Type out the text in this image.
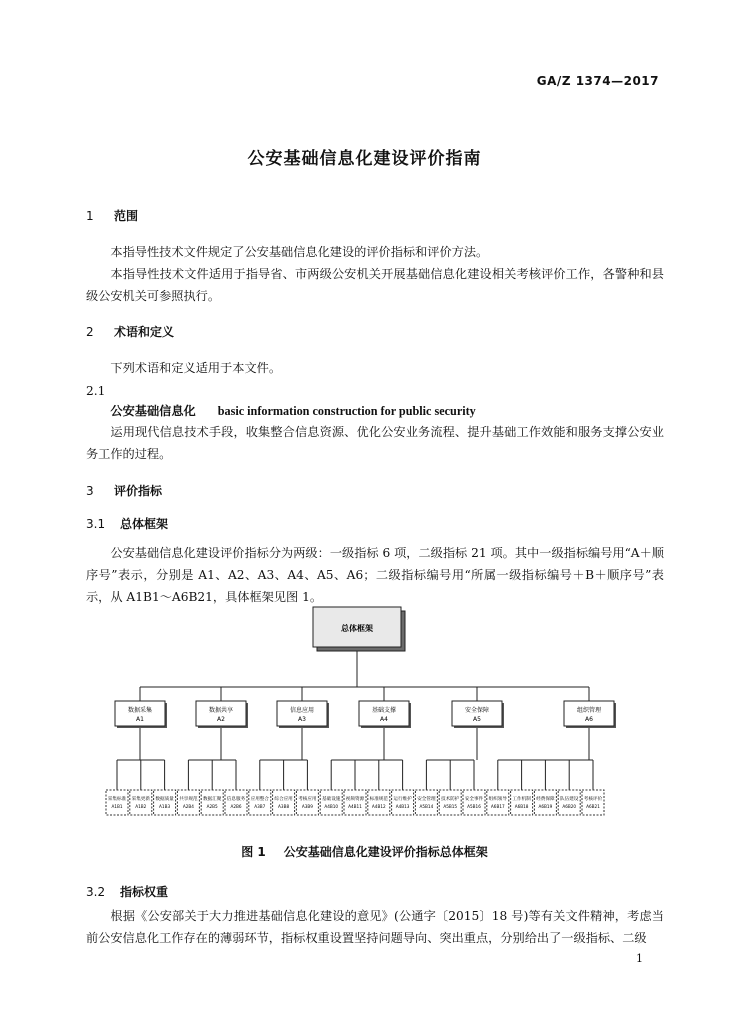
GA/Z 1374—2017
公安基础信息化建设评价指南
1 范围

本指导性技术文件规定了公安基础信息化建设的评价指标和评价方法。

本指导性技术文件适用于指导省、市两级公安机关开展基础信息化建设相关考核评价工作，各警种和县级公安机关可参照执行。

2 术语和定义

下列术语和定义适用于本文件。

2.1
公安基础信息化 basic information construction for public security

运用现代信息技术手段，收集整合信息资源、优化公安业务流程、提升基础工作效能和服务支撑公安业务工作的过程。

3 评价指标
3.1 总体框架

公安基础信息化建设评价指标分为两级：一级指标 6 项，二级指标 21 项。其中一级指标编号用“A＋顺序号”表示，分别是 A1、A2、A3、A4、A5、A6；二级指标编号用“所属一级指标编号＋B＋顺序号”表示，从 A1B1～A6B21，具体框架见图 1。

总体框架
数据采集
A1
数据共享
A2
信息应用
A3
基础支撑
A4
安全保障
A5
组织管理
A6
采集标准
A1B1
采集更新
A1B2
数据质量
A1B3
共享规范
A2B4
数据汇聚
A2B5
信息服务
A2B6
应用整合
A3B7
综合应用
A3B8
考核应用
A3B9
基础设施
A4B10
视频资源
A4B11
标准规范
A4B12
运行维护
A4B13
安全管理
A5B14
技术防护
A5B15
安全事件
A5B16
组织领导
A6B17
工作机制
A6B18
经费保障
A6B19
队伍建设
A6B20
考核评价
A6B21
图 1 公安基础信息化建设评价指标总体框架
3.2 指标权重

根据《公安部关于大力推进基础信息化建设的意见》(公通字〔2015〕18 号)等有关文件精神，考虑当前公安信息化工作存在的薄弱环节，指标权重设置坚持问题导向、突出重点，分别给出了一级指标、二级

1
